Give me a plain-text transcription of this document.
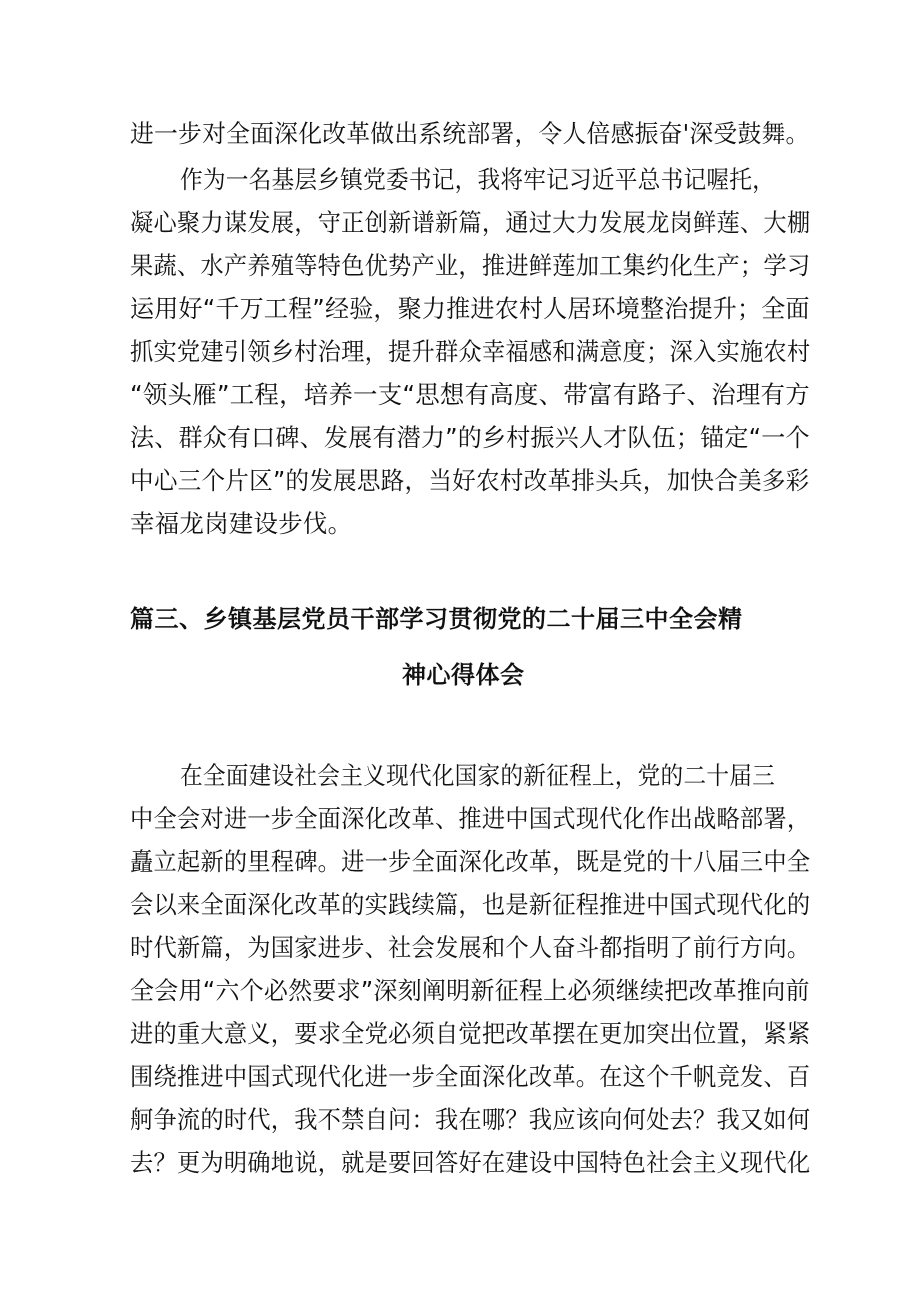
进一步对全面深化改革做出系统部署，令人倍感振奋'深受鼓舞。
作为一名基层乡镇党委书记，我将牢记习近平总书记喔托，
凝心聚力谋发展，守正创新谱新篇，通过大力发展龙岗鲜莲、大棚
果蔬、水产养殖等特色优势产业，推进鲜莲加工集约化生产；学习
运用好“千万工程”经验，聚力推进农村人居环境整治提升；全面
抓实党建引领乡村治理，提升群众幸福感和满意度；深入实施农村
“领头雁”工程，培养一支“思想有高度、带富有路子、治理有方
法、群众有口碑、发展有潜力”的乡村振兴人才队伍；锚定“一个
中心三个片区”的发展思路，当好农村改革排头兵，加快合美多彩
幸福龙岗建设步伐。
篇三、乡镇基层党员干部学习贯彻党的二十届三中全会精
神心得体会
在全面建设社会主义现代化国家的新征程上，党的二十届三
中全会对进一步全面深化改革、推进中国式现代化作出战略部署，
矗立起新的里程碑。进一步全面深化改革，既是党的十八届三中全
会以来全面深化改革的实践续篇，也是新征程推进中国式现代化的
时代新篇，为国家进步、社会发展和个人奋斗都指明了前行方向。
全会用“六个必然要求”深刻阐明新征程上必须继续把改革推向前
进的重大意义，要求全党必须自觉把改革摆在更加突出位置，紧紧
围绕推进中国式现代化进一步全面深化改革。在这个千帆竞发、百
舸争流的时代，我不禁自问：我在哪？我应该向何处去？我又如何
去？更为明确地说，就是要回答好在建设中国特色社会主义现代化
